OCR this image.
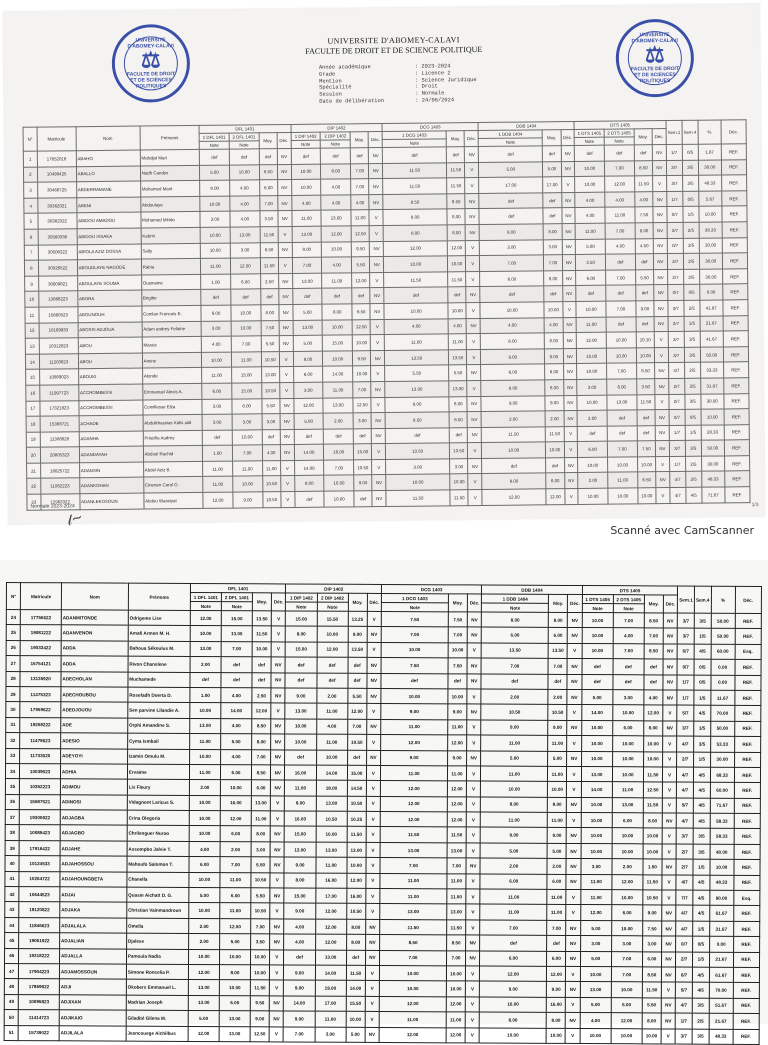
UNIVERSITE D'ABOMEY-CALAVI
⚖
FACULTE DE DROIT ET DE SCIENCES POLITIQUES
UNIVERSITE D'ABOMEY-CALAVI
⚖
FACULTE DE DROIT ET DE SCIENCES POLITIQUES
UNIVERSITE D'ABOMEY-CALAVI
FACULTE DE DROIT ET DE SCIENCE POLITIQUE
Année académique	: 2023-2024
Grade	: Licence 2
Mention	: Science Juridique
Spécialité	: Droit
Session	: Normale
Date de délibération	: 24/06/2024
N°	Matricule	Nom	Prénoms	DFL 1401				DIP 1402				DCG 1403			DDB 1404			DTS 1405				Sem.1	Sem.4	%	Déc.
				1 DFL 1401	2 DFL 1401	Moy.	Déc.	1 DIP 1402	2 DIP 1402	Moy.	Déc.	1 DCG 1403	Moy.	Déc.	1 DDB 1404	Moy.	Déc.	1 DTS 1405	2 DTS 1405	Moy.	Déc.				
				Note	Note			Note	Note			Note			Note			Note	Note						
1	17652018	ABAHO	Mahdjat Mari	def	def	def	NV	def	def	def	NV	def	def	NV	def	def	NV	def	def	def	NV	1/7	0/5	1.67	REF.
2	10499425	ABALLO	Nadh Candys	5.00	10.00	6.50	NV	10.00	8.00	7.00	NV	11.50	11.50	V	5.00	5.00	NV	10.00	7.00	8.50	NV	3/7	3/5	30.00	REF.
3	30468725	ABDERRAMANE	Mohamed Mant	8.00	4.00	6.00	NV	10.00	4.00	7.00	NV	11.50	11.50	V	17.00	17.00	V	10.00	12.00	11.50	V	3/7	3/5	48.33	REF.
4	30362021	ABENI	Abdoulaye	10.00	4.00	7.00	NV	4.00	4.00	4.00	NV	8.50	8.50	NV	def	def	NV	4.00	4.00	4.00	NV	1/7	0/5	5.67	REF.
5	30382322	ABIDOU AMADOU	Mohamed Mirido	3.00	4.00	3.50	NV	11.00	13.00	11.00	V	8.00	8.00	NV	def	def	NV	4.00	11.00	7.50	NV	0/7	1/5	10.00	REF.
6	30560338	ABIDOU ISSAKA	Kabrin	10.00	13.00	11.50	V	13.00	12.00	12.50	V	8.00	8.00	NV	8.00	8.00	NV	11.00	7.00	8.00	NV	3/7	2/5	38.33	REF.
7	30508222	ABIOLA AZIZ DOSSA	Sally	10.00	3.00	6.50	NV	9.00	10.00	9.50	NV	12.00	12.00	V	3.00	3.00	NV	5.00	4.00	4.50	NV	0/7	2/5	20.00	REF.
8	30026522	ABOUDLAYE NAGODE	Rabia	11.00	12.00	11.50	V	7.00	4.00	5.50	NV	10.00	10.00	V	7.00	7.00	NV	3.50	def	def	NV	2/7	2/5	30.00	REF.
9	30609821	ABOULAYE SOUMA	Ousmaine	1.00	6.00	2.50	NV	13.00	11.00	12.00	V	11.50	11.50	V	8.00	8.00	NV	6.00	7.00	5.50	NV	2/7	2/5	30.00	REF.
10	13888223	ABORA	Brigitte	def	def	def	NV	def	def	def	NV	def	def	NV	def	def	NV	def	def	def	NV	0/7	0/5	0.00	REF.
11	15880523	ABOUNOUH	Comlan Francois E.	6.00	10.00	8.00	NV	5.00	8.00	6.50	NV	10.00	10.00	V	10.00	10.00	V	10.00	7.00	9.00	NV	3/7	2/5	41.67	REF.
12	10169933	ABOSSI ADJOUA	Adam andrey Felaine	3.00	10.00	7.50	NV	13.00	10.00	12.50	V	4.00	4.00	NV	4.00	4.00	NV	11.00	def	def	NV	2/7	1/5	21.67	REF.
13	10312823	ABOU	Marais	4.00	7.00	5.50	NV	5.00	15.00	10.00	V	11.00	11.00	V	8.00	8.00	NV	12.00	10.00	10.10	V	2/7	3/5	41.67	REF.
14	11203823	ABOU	Amine	10.00	11.00	10.50	V	9.00	10.00	9.50	NV	13.50	13.50	V	9.00	9.00	NV	10.00	10.00	10.00	V	3/7	3/5	50.00	REF.
15	10889023	ABOUKI	Atonde	11.00	15.00	13.00	V	6.00	14.00	10.00	V	5.50	5.50	NV	6.00	6.00	NV	10.00	7.00	8.50	NV	4/7	2/5	33.33	REF.
16	11997723	ACCROMBESSI	Emmanuel Alexis A.	6.00	15.00	10.50	V	3.00	11.00	7.00	NV	13.00	13.00	V	8.00	8.00	NV	3.00	6.00	3.50	NV	2/7	2/5	31.67	REF.
17	17321823	ACCROMBESSI	Comillesse Elza	3.00	8.00	5.50	NV	12.00	13.00	12.50	V	8.00	8.00	NV	9.00	9.00	NV	10.00	13.00	11.50	V	2/7	3/5	30.00	REF.
18	15368721	ACHADE	Abdulkhassias Kalis aidi	3.00	3.00	3.00	NV	5.00	2.00	3.00	NV	8.50	8.50	NV	2.00	2.00	NV	2.00	def	def	NV	0/7	0/5	10.00	REF.
19	11306628	ADANHA	Priscilla Audrey	def	10.00	def	NV	def	def	def	NV	def	def	NV	11.50	11.50	V	def	def	def	NV	1/7	1/5	28.33	REF.
20	20805323	ADANDAYAH	Abdoul Rachid	1.00	7.00	4.00	NV	14.00	16.00	15.00	V	13.50	13.50	V	10.00	10.00	V	6.00	7.00	7.50	NV	3/7	3/5	50.00	REF.
21	18025722	ADANSIN	Abdel Aziz B.	11.00	11.00	11.00	V	14.00	7.00	10.50	V	3.00	3.00	NV	def	def	NV	10.00	10.00	10.00	V	1/7	2/5	30.00	REF.
22	11062223	ADANKOHAN	Cinenen Carol G.	11.00	10.00	10.50	V	8.00	10.00	9.00	NV	10.00	10.00	V	8.00	8.00	NV	2.00	11.00	6.50	NV	4/7	2/5	48.33	REF.
23	12963322	ADANLEKOSOUN	Abdou Wassiyat	12.00	9.00	10.50	V	def	10.00	def	NV	11.50	11.50	V	12.00	12.00	V	10.00	10.00	10.00	V	4/7	4/5	71.67	REF.
Normale 2023-2024
𝓁~
1/3
Scanné avec CamScanner
N°	Matricule	Nom	Prénoms	DFL 1401				DIP 1402				DCG 1403			DDB 1404			DTS 1405				Sem.1	Sem.4	%	Déc.
				1 DFL 1401	2 DFL 1401	Moy.	Déc.	1 DIP 1402	2 DIP 1402	Moy.	Déc.	1 DCG 1403	Moy.	Déc.	1 DDB 1404	Moy.	Déc.	1 DTS 1405	2 DTS 1405	Moy.	Déc.				
				Note	Note			Note	Note			Note			Note			Note	Note						
24	17756622	ADANMITONDE	Odrigeme Lise	12.00	15.00	13.50	V	15.00	15.50	13.25	V	7.50	7.50	NV	8.00	8.00	NV	10.00	7.00	8.50	NV	3/7	3/5	50.00	REF.
25	19081222	ADANVENON	Amafi Armon M. H.	10.00	13.00	11.50	V	8.00	10.00	9.00	NV	7.00	7.00	NV	6.00	6.00	NV	10.00	4.00	7.00	NV	3/7	1/5	50.00	REF.
26	19033422	ADDA	Bahoua Sékoulus M.	13.00	7.00	10.00	V	15.00	12.00	13.50	V	10.00	10.00	V	13.50	13.50	V	10.00	7.00	8.50	NV	6/7	4/5	60.00	Esq.
27	15754121	ADDA	Rivon Chanslene	2.00	def	def	NV	def	def	def	NV	7.50	7.50	NV	7.00	7.00	NV	def	def	def	NV	0/7	0/5	0.00	REF.
28	13135920	ADECHOLAN	Muchamede	def	def	def	NV	def	def	def	NV	def	def	NV	def	def	NV	def	def	def	NV	1/7	0/5	0.00	REF.
29	11475323	ADECHOUBOU	Rosefadh Doerta D.	1.00	4.00	2.50	NV	9.00	2.00	5.50	NV	10.00	10.00	V	2.00	2.00	NV	5.00	3.00	4.00	NV	1/7	1/5	11.67	REF.
30	17959622	ADEDJOUOU	Sen parvine Lilandie A.	10.00	14.00	12.00	V	13.00	11.00	12.00	V	9.00	9.00	NV	10.50	10.50	V	14.00	10.00	12.00	V	5/7	4/5	70.00	REF.
31	19269222	ADE	Orphi Amandine S.	13.00	4.00	8.50	NV	10.00	4.00	7.00	NV	11.00	11.00	V	9.00	9.00	NV	10.00	6.00	8.00	NV	3/7	1/5	50.00	REF.
32	11478623	ADESIO	Cyma Ismbail	11.00	5.00	8.00	NV	10.00	11.00	10.50	V	12.00	12.00	V	11.00	11.00	V	10.00	10.00	10.00	V	4/7	3/5	53.33	REF.
33	11733020	ADEYOYI	Izamin Omulu M.	10.00	4.00	7.00	NV	def	10.00	def	NV	9.00	9.00	NV	5.00	5.00	NV	10.00	10.00	10.00	V	2/7	1/5	30.00	REF.
34	10039023	ADHIA	Ervaime	11.00	6.00	8.50	NV	16.00	14.00	15.00	V	11.00	11.00	V	11.00	11.00	V	13.00	10.00	11.50	V	4/7	4/5	68.33	REF.
35	10352223	ADIMOU	Lix Fleury	2.00	10.00	6.00	NV	11.00	18.00	14.50	V	12.00	12.00	V	10.00	10.00	V	14.00	11.00	12.50	V	4/7	4/5	60.00	REF.
36	15587521	ADINOSI	Vidagnont Laricus S.	10.00	16.00	13.00	V	8.00	13.00	10.50	V	12.00	12.00	V	8.00	8.00	NV	10.00	13.00	11.50	V	5/7	4/5	71.67	REF.
37	19305922	ADJAGBA	Crina Olegoria	10.00	12.00	11.00	V	16.00	10.50	10.25	V	12.00	12.00	V	11.00	11.00	V	10.00	6.00	8.00	NV	4/7	4/5	58.33	REF.
38	10085423	ADJAGBO	Chrilenguer Nuroo	10.00	6.00	8.00	NV	15.00	10.00	11.50	V	11.50	11.50	V	9.00	9.00	NV	10.00	10.00	10.00	V	3/7	3/5	58.33	REF.
39	17916422	ADJAHE	Assompbo Jalvie T.	4.00	2.00	3.00	NV	13.00	13.00	13.00	V	13.00	13.00	V	5.00	5.00	NV	10.00	10.00	10.00	V	2/7	3/5	40.00	REF.
40	10124533	ADJAHOSSOU	Mahoufo Salomon T.	6.00	7.00	5.50	NV	9.00	11.00	10.00	V	7.00	7.00	NV	2.00	2.00	NV	3.00	2.00	1.50	NV	2/7	1/5	10.00	REF.
41	10264722	ADJAHOUNGBETA	Chanella	10.00	11.00	10.50	V	8.00	16.00	12.00	V	11.00	11.00	V	6.00	6.00	NV	11.00	12.00	11.50	V	4/7	4/5	48.33	REF.
42	10644523	ADJAI	Quasm Aichatt D. G.	5.00	6.00	5.50	NV	15.00	17.00	16.00	V	11.00	11.00	V	11.00	11.00	V	11.00	10.00	10.50	V	7/7	4/5	90.00	Esq.
43	18120822	ADJAKA	Christian Vainmandroun	10.00	11.00	10.50	V	9.00	12.00	10.50	V	13.00	13.00	V	11.00	11.00	V	12.00	6.00	9.00	NV	4/7	4/5	61.67	REF.
44	11846623	ADJALALA	Omella	2.00	12.00	7.00	NV	4.00	12.00	8.00	NV	11.50	11.50	V	7.00	7.00	NV	5.00	10.00	7.50	NV	4/7	1/5	31.67	REF.
45	19061922	ADJALIAN	Djalexe	2.00	5.00	3.50	NV	4.00	12.00	8.00	NV	8.50	8.50	NV	def	def	NV	3.00	3.00	3.00	NV	0/7	0/5	0.00	REF.
46	19318222	ADJALLA	Pamoula Nadia	10.00	10.00	10.00	V	def	13.00	def	NV	7.00	7.00	NV	6.00	6.00	NV	5.00	7.00	6.00	NV	2/7	1/5	21.67	REF.
47	17904223	ADJAMOSSOUN	Simone Roncelia P.	12.00	8.00	10.00	V	9.00	14.00	11.50	V	10.00	10.00	V	12.00	12.00	V	10.00	7.00	8.50	NV	6/7	4/5	61.67	REF.
48	17869922	ADJI	Okobers Emmanuel L.	13.00	10.00	11.50	V	9.00	19.00	14.00	V	10.00	10.00	V	9.00	9.00	NV	13.00	10.00	11.50	V	5/7	4/5	70.00	REF.
49	10095823	ADJIXAN	Madrian Joseph	13.00	6.00	9.50	NV	14.00	17.00	15.50	V	12.00	12.00	V	16.00	16.00	V	5.00	6.00	5.50	NV	4/7	3/5	51.67	REF.
50	11414723	ADJIKAIO	Giladité Gliena M.	5.00	13.00	9.00	NV	9.00	11.00	10.00	V	11.00	11.00	V	8.00	8.00	NV	4.00	12.00	8.00	NV	1/7	2/5	21.67	REF.
51	15739022	ADJILALA	Jeancouege Aichilbus	12.00	13.00	12.50	V	7.00	3.00	5.00	NV	12.00	12.00	V	10.00	10.00	V	10.00	10.00	10.00	V	3/7	3/5	48.33	REF.
